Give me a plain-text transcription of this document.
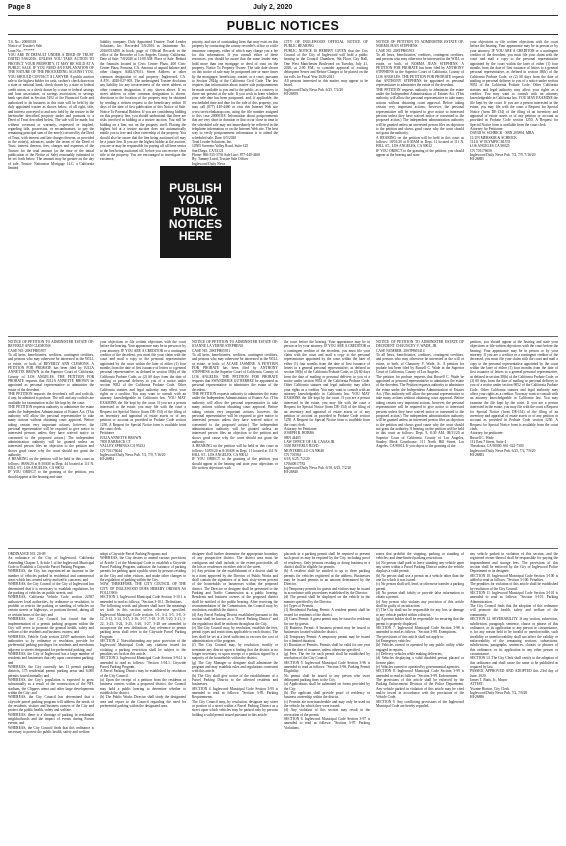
Page 8	July 2, 2020
PUBLIC NOTICES
T.S. No.: 20000318
Notice of Trustee's Sale
Loan No.: ******
YOU ARE IN DEFAULT UNDER A DEED OF TRUST DATED 5/06/2016. UNLESS YOU TAKE ACTION TO PROTECT YOUR PROPERTY, IT MAY BE SOLD AT A PUBLIC SALE. IF YOU NEED AN EXPLANATION OF THE NATURE OF THE PROCEEDING AGAINST YOU, YOU SHOULD CONTACT A LAWYER. A public auction sale to the highest bidder for cash, cashier's check drawn on a state or national bank, check drawn by a state or federal credit union, or a check drawn by a state or federal savings and loan association, or savings association, or savings bank specified in Section 5102 of the Financial Code and authorized to do business in this state will be held by the duly appointed trustee as shown below, of all right, title, and interest conveyed to and now held by the trustee in the hereinafter described property under and pursuant to a Deed of Trust described below. The sale will be made, but without covenant or warranty, expressed or implied, regarding title, possession, or encumbrances, to pay the remaining principal sum of the note(s) secured by the Deed of Trust, with interest and late charges thereon, as provided in the note(s), advances, under the terms of the Deed of Trust, interest thereon, fees, charges and expenses of the Trustee for the total amount (at the time of the initial publication of the Notice of Sale) reasonably estimated to be set forth below. The amount may be greater on the day of sale. Trustor: Nationstar Mortgage LLC, a California limited
liability company. Duly Appointed Trustee: Total Lender Solutions, Inc. Recorded 5/6/2016 as Instrument No. 20160513488 in book, page of Official Records in the office of the Recorder of Los Angeles County, California. Date of Sale: 7/8/2020 at 11:00 AM. Place of Sale: Behind the fountain located in Civic Center Plaza, 400 Civic Center Plaza, Pomona, CA. Amount of unpaid balance and other charges: $482,678.61. Street Address or other common designation of real property: Inglewood, CA. A.P.N.: 4028-027-003. The undersigned Trustee disclaims any liability for any incorrectness of the street address or other common designation, if any, shown above. If no street address or other common designation is shown, directions to the location of the property may be obtained by sending a written request to the beneficiary within 10 days of the date of first publication of this Notice of Sale. Notice To Potential Bidders: If you are considering bidding on this property lien, you should understand that there are risks involved in bidding at a trustee auction. You will be bidding on a lien, not on the property itself. Placing the highest bid at a trustee auction does not automatically entitle you to free and clear ownership of the property. You should also be aware that the lien being auctioned off may be a junior lien. If you are the highest bidder at the auction, you are or may be responsible for paying off all liens senior to the lien being auctioned off, before you can receive clear title to the property. You are encouraged to investigate the existence,
priority, and size of outstanding liens that may exist on this property by contacting the county recorder's office or a title insurance company, either of which may charge you a fee for this information. If you consult either of these resources, you should be aware that the same lender may hold more than one mortgage or deed of trust on the property. Notice To Property Owner: The sale date shown on this notice of sale may be postponed one or more times by the mortgagee, beneficiary, trustee, or a court, pursuant to Section 2924g of the California Civil Code. The law requires that information about trustee sale postponements be made available to you and to the public, as a courtesy to those not present at the sale. If you wish to learn whether your sale date has been postponed, and, if applicable, the rescheduled time and date for the sale of this property, you may call (877) 440-4460 or visit this Internet Web site www.servicelinkasap.com, using the file number assigned to this case 20000318. Information about postponements that are very short in duration or that occur close in time to the scheduled sale may not immediately be reflected in the telephone information or on the Internet Web site. The best way to verify postponement information is to attend the scheduled sale. Date: 6/5/2020
Total Lender Solutions, Inc.
10505 Sorrento Valley Road, Suite 125
San Diego, CA 92121
Phone: 866-535-3736 Sale Line: 877-440-4460
By: Tammy Laird, Trustee Sale Officer
Inglewood Daily News

CITY OF INGLEWOOD OFFICIAL NOTICE OF PUBLIC HEARING
PUBLIC NOTICE IS HEREBY GIVEN that the City Council of the City of Inglewood will hold a public hearing in the Council Chambers, 9th Floor, City Hall, One West Manchester Boulevard on Tuesday, July 21, 2020, at 2:00 P.M., to consider approval of existing delinquent Sewer and Refuse Charges to be placed on the tax rolls for Fiscal Year 2020-2021.
All persons interested in this matter, may appear to be heard.
Inglewood Daily News Pub. 6/25, 7/2/20
HI-26859
PUBLISH
YOUR
PUBLIC
NOTICES
HERE
NOTICE OF PETITION TO ADMINISTER ESTATE OF: NORMA JEAN STEPHENS
CASE NO. 20STPB05913
To all heirs, beneficiaries, creditors, contingent creditors, and persons who may otherwise be interested in the WILL or estate, or both, of NORMA JEAN STEPHENS. A PETITION FOR PROBATE has been filed by ANTHONY STEPHENS in the Superior Court of California, County of LOS ANGELES. THE PETITION FOR PROBATE requests that ANTHONY STEPHENS be appointed as personal representative to administer the estate of the decedent.
THE PETITION requests authority to administer the estate under the Independent Administration of Estates Act. (This authority will allow the personal representative to take many actions without obtaining court approval. Before taking certain very important actions, however, the personal representative will be required to give notice to interested persons unless they have waived notice or consented to the proposed action.) The independent administration authority will be granted unless an interested person files an objection to the petition and shows good cause why the court should not grant the authority.
A HEARING on the petition will be held in this court as follows: 10/01/20 at 8:30AM in Dept. 11 located at 111 N. HILL ST., LOS ANGELES, CA 90012
IF YOU OBJECT to the granting of the petition, you should appear at the hearing and state
your objections or file written objections with the court before the hearing. Your appearance may be in person or by your attorney. IF YOU ARE A CREDITOR or a contingent creditor of the decedent, you must file your claim with the court and mail a copy to the personal representative appointed by the court within the later of either (1) four months from the date of first issuance of letters to a general personal representative, as defined in section 58(b) of the California Probate Code, or (2) 60 days from the date of mailing or personal delivery to you of a notice under section 9052 of the California Probate Code. Other California statutes and legal authority may affect your rights as a creditor. You may want to consult with an attorney knowledgeable in California law. YOU MAY EXAMINE the file kept by the court. If you are a person interested in the estate, you may file with the court a Request for Special Notice (form DE-154) of the filing of an inventory and appraisal of estate assets or of any petition or account as provided in Probate Code section 1250. A Request for Special Notice form is available from the court clerk.
Attorney for Petitioner
DAVID W. SCHRICK - SBN 205894, MBA
CLUN MERSKIR & SCHRICK
11411 W OLYMPIC BLVD
LOS ANGELES CA 90025
CN 701176650
Inglewood Daily News Pub. 7/2, 7/9, 7/16/20
HI-26885
NOTICE OF PETITION TO ADMINISTER ESTATE OF: BEVERLY ANN CLEMONS
CASE NO. 20STPB05937
To all heirs, beneficiaries, creditors, contingent creditors, and persons who may otherwise be interested in the WILL or estate, or both, of BEVERLY ANN CLEMONS. A PETITION FOR PROBATE has been filed by JULIA ANNETTE BROWN in the Superior Court of California, County of LOS ANGELES. THE PETITION FOR PROBATE requests that JULIA ANNETTE BROWN be appointed as personal representative to administer the estate of the decedent.
THE PETITION requests the decedent's will and codicils, if any, be admitted to probate. The will and any codicils are available for examination in the file kept by the court.
THE PETITION requests authority to administer the estate under the Independent Administration of Estates Act. (This authority will allow the personal representative to take many actions without obtaining court approval. Before taking certain very important actions, however, the personal representative will be required to give notice to interested persons unless they have waived notice or consented to the proposed action.) The independent administration authority will be granted unless an interested person files an objection to the petition and shows good cause why the court should not grant the authority.
A HEARING on the petition will be held in this court as follows: 08/06/20 at 8:30AM in Dept. 44 located at 111 N. HILL ST., LOS ANGELES, CA 90012
IF YOU OBJECT to the granting of the petition, you should appear at the hearing and state
your objections or file written objections with the court before the hearing. Your appearance may be in person or by your attorney. IF YOU ARE A CREDITOR or a contingent creditor of the decedent, you must file your claim with the court and mail a copy to the personal representative appointed by the court within the later of either (1) four months from the date of first issuance of letters to a general personal representative, as defined in section 58(b) of the California Probate Code, or (2) 60 days from the date of mailing or personal delivery to you of a notice under section 9052 of the California Probate Code. Other California statutes and legal authority may affect your rights as a creditor. You may want to consult with an attorney knowledgeable in California law. YOU MAY EXAMINE the file kept by the court. If you are a person interested in the estate, you may file with the court a Request for Special Notice (form DE-154) of the filing of an inventory and appraisal of estate assets or of any petition or account as provided in Probate Code section 1250. A Request for Special Notice form is available from the court clerk.
Petitioner
JULIA ANNETTE BROWN
7805 BARRACK CT
VALLEY SPRINGS CA 95252
CN 701176644
Inglewood Daily News Pub. 7/2, 7/9, 7/16/20
HI-26884
NOTICE OF PETITION TO ADMINISTER ESTATE OF: JOANNE LA VERNE STEPHENS
CASE NO. 20STPB05911
To all heirs, beneficiaries, creditors, contingent creditors, and persons who may otherwise be interested in the WILL or estate, or both, of ACASE JASMINE. A PETITION FOR PROBATE has been filed by ANTHONY STEPHENS in the Superior Court of California, County of LOS ANGELES. THE PETITION FOR PROBATE requests that SWANDRIGE GUTIERREZ be appointed as personal representative to administer the estate of the decedent.
THE PETITION requests authority to administer the estate under the Independent Administration of Estates Act. (This authority will allow the personal representative to take many actions without obtaining court approval. Before taking certain very important actions, however, the personal representative will be required to give notice to interested persons unless they have waived notice or consented to the proposed action.) The independent administration authority will be granted unless an interested person files an objection to the petition and shows good cause why the court should not grant the authority.
A HEARING on the petition will be held in this court as follows: 10/05/20 at 8:30AM in Dept. 11 located at 111 N. HILL ST., LOS ANGELES, CA 90012
IF YOU OBJECT to the granting of the petition, you should appear at the hearing and state your objections or file written objections with
the court before the hearing. Your appearance may be in person or by your attorney. IF YOU ARE A CREDITOR or a contingent creditor of the decedent, you must file your claim with the court and mail a copy to the personal representative appointed by the court within the later of either (1) four months from the date of first issuance of letters to a general personal representative, as defined in section 58(b) of the California Probate Code, or (2) 60 days from the date of mailing or personal delivery to you of a notice under section 9052 of the California Probate Code. Other California statutes and legal authority may affect your rights as a creditor. You may want to consult with an attorney knowledgeable in California law. YOU MAY EXAMINE the file kept by the court. If you are a person interested in the estate, you may file with the court a Request for Special Notice (form DE-154) of the filing of an inventory and appraisal of estate assets or of any petition or account as provided in Probate Code section 1250. A Request for Special Notice form is available from the court clerk.
Attorney for Petitioner
JOSEPH R. HOBBS
SBN 44405
LAW OFFICE OF J.R. CASAS JR.
5350 BEVERLY BLVD.
MONTEBELLO CA 90640
CN 701584
6/18, 6/25, 7/2/20
CN640017782
Inglewood Daily News Pub. 6/18, 6/25, 7/2/20
HI-26840
NOTICE OF PETITION TO ADMINISTER ESTATE OF DECEDENT CHAUNCEY V. WADE, JR.
CASE NUMBER: 20STPB05414
To all heirs, beneficiaries, creditors, contingent creditors, and persons who may otherwise be interested in the will or estate, or both, of Chauncey V. Wade, Jr.. A petition for probate has been filed by Russell C. Wade in the Superior Court of California, County of Los Angeles.
The petition for probate requests that Russell C. Wade be appointed as personal representative to administer the estate of the decedent. The Petition requests authority to administer the estate under the Independent Administration of Estates Act. (This authority will allow the personal representative to take many actions without obtaining court approval. Before taking certain very important actions, however, the personal representative will be required to give notice to interested persons unless they have waived notice or consented to the proposed action.) The independent administration authority will be granted unless an interested person files an objection to the petition and shows good cause why the court should not grant the authority. A hearing on the petition will be held in this court as follows: Dept. 9, 8:30 AM, 08/31/20 at Superior Court of California, County of Los Angeles, Stanley Mosk Courthouse, 111 North Hill Street, Los Angeles, CA 90012. If you object to the granting of the
petition, you should appear at the hearing and state your objections or file written objections with the court before the hearing. Your appearance may be in person or by your attorney. If you are a creditor or a contingent creditor of the deceased, you must file your claim with the court and mail a copy to the personal representative appointed by the court within the later of either (1) four months from the date of first issuance of letters to a general personal representative, as defined in section 58(b) of the California Probate Code, or (2) 60 days from the date of mailing or personal delivery to you of a notice under section 9052 of the California Probate Code. Other California statutes and legal authority may affect your rights as a creditor. You may want to consult with an attorney knowledgeable in California law. You may examine the file kept by the court. If you are a person interested in the estate, you may file with the court a Request for Special Notice (form DE-154) of the filing of an inventory and appraisal of estate assets or of any petition or account as provided in Probate Code section 1250. A Request for Special Notice form is available from the court clerk.
Attorney for petitioner:
Russell C. Wade
112 East 7 Street, Suite 4
Theodosia, CA 90000. 661-522-7300
Inglewood Daily News Pub. 6/25, 7/2, 7/9/20
HI-26883
ORDINANCE NO. 20-09
An ordinance of the City of Inglewood, California Amending Chapter 3, Article 1 of the Inglewood Municipal Code to Establish a Citywide Parcel Parking Program.
WHEREAS, the City has experienced an increase in the number of vehicles parked in residential and commercial areas which has created safety and traffic concerns; and
WHEREAS, the City Council of the City of Inglewood has determined that it is necessary to establish regulations for the parking of vehicles on public streets; and
WHEREAS, California Vehicle Code section 22507 authorizes local authorities, by ordinance or resolution, to prohibit or restrict the parking or standing of vehicles on certain streets or highways, or portions thereof, during all or certain hours of the day; and
WHEREAS, the City Council has found that the implementation of a permit parking program within the City will serve to promote the general health, safety and welfare of the residents and business owners; and
WHEREAS, Vehicle Code section 22507 authorizes local authorities to by ordinance or resolution, provide for preferential parking privileges for residents and merchants adjacent to streets designated for preferential parking; and
WHEREAS, the City of Inglewood has a large number of residents and businesses that rely upon convenient parking; and
WHEREAS, the City currently has 11 permit parking districts, 175 residential permit parking areas and 6,000 permits issued annually; and
WHEREAS, the City's population is expected to grow substantially as a result of the construction of the NFL stadium, the Clippers arena and other large developments within the City; and
WHEREAS, the City Council has determined that a citywide parcel parking program will address the needs of the residents, visitors and business owners of the City and protect the public health, safety and welfare.
WHEREAS, there is a shortage of parking in residential neighborhoods and the impact of events during Forum events; and
WHEREAS, the City Council finds that this ordinance is necessary to protect the public health, safety and welfare.
adopt a Citywide Parcel Parking Program; and
WHEREAS, the City desires to amend various provisions of Article 1 of the Municipal Code to establish a Citywide Parcel Parking Program, authorize the issuance of parking permits for parking upon a public street by persons residing in the City and other visitors, and make other changes to the regulation of parking within the City.
NOW, THEREFORE, THE CITY COUNCIL OF THE CITY OF INGLEWOOD DOES HEREBY ORDAIN AS FOLLOWS:
SECTION 1. Inglewood Municipal Code Section 3-10.1 is amended to read as follows: "Section 3-10.1. Definitions.
The following words and phrases shall have the meanings set forth in this section unless otherwise specified. Inglewood Municipal Code sections 3-1, 3-4, 3-5, 3-8, 3-12, 3-13, 3-14, 3-15, 3-16, 3-17, 3-18, 3-19, 3-20, 3-21, 3-22, 3-23, 3-24, 3-25, 3-26, 3-27, 3-28 are amended to incorporate the new definitions. Any reference to permit parking areas shall refer to the Citywide Parcel Parking Program.
SECTION 2. Notwithstanding any prior provision of the Inglewood Municipal Code, any citations issued for violating a parking restriction shall be subject to the penalties set forth in this article.
SECTION 3. Inglewood Municipal Code Section 3-94.1 is amended to read as follows: "Section 3-94.1. Citywide Parcel Parking Program.
A Parcel Parking District may be established by resolution of the City Council.
(a) Upon the receipt of a petition from the residents or business owners within a proposed district, the Council may hold a public hearing to determine whether to establish the district.
(b) The Public Works Director shall study the designated area and report to the Council regarding the need for preferential parking within the designated area.
designee shall further determine the appropriate boundary of any prospective district. The district area must be contiguous and shall include, to the extent practicable, all the lots or residences on either side of the street.
(c) Any petition for the establishment of a district shall be in a form approved by the Director of Public Works and shall contain the signatures of at least sixty-seven percent of the households or businesses within the proposed district. The Director or designee shall be presented to the Parking and Traffic Commission at a public hearing. Residents and business owners of the proposed district shall be notified of the public hearing. After receiving the recommendation of the Commission, the Council may, by resolution, establish the district.
(d) Any Parcel Parking District established pursuant to this section shall be known as a "Parcel Parking District" and the regulations shall be uniform throughout the City.
(e) The City Council may, by resolution, establish the fees, permit types and restrictions applicable to each district. The fees shall be set at a level sufficient to recover the cost of administration of the program.
(f) The City Council may, by resolution, modify or terminate any district upon a finding that the district is no longer necessary, or upon receipt of a petition signed by a majority of the households within the district.
(g) The City Manager or designee shall administer the program and may establish rules and regulations consistent with this article.
(h) The City shall give notice of the establishment of a Parcel Parking District to the affected residents and businesses.
SECTION 4. Inglewood Municipal Code Section 3-95 is amended to read as follows: "Section 3-95. Parking Requirements.
The City Council may, by resolution, designate any street or portion of a street within a Parcel Parking District as a street upon which vehicles may be parked only by persons holding a valid permit issued pursuant to this article.
placards in a parking permit shall be required to present such proof as may be required by the City, including proof of residency. Only persons residing or doing business in a district shall be eligible for permits.
(b) A resident shall be entitled to up to three parking permits for vehicles registered at the address. Businesses may be issued permits in an amount determined by the Director.
(c) Temporary permits for guests and visitors may be issued in accordance with procedures established by the Director.
(d) The permit shall be displayed on the vehicle in the manner specified by the Director.
(e) Types of Permits.
(1) Residential Parking Permit: A resident permit shall be issued for residents of the district.
(2) Guest Permit: A guest permit may be issued to residents for use by guests.
(3) Business Permit: A business permit may be issued to businesses located within the district.
(4) Temporary Permit: A temporary permit may be issued for a limited duration.
(f) Duration of Permits. Permits shall be valid for one year from the date of issuance, unless otherwise specified.
(g) Fees. The fee for each permit shall be established by resolution of the City Council.
SECTION 5. Inglewood Municipal Code Section 3-96 is amended to read as follows: "Section 3-96. Parking Permit Eligibility.
No permit shall be issued to any person who owes delinquent parking fines to the City.
(a) Applications shall be submitted on forms provided by the City.
(b) The applicant shall provide proof of residency or business ownership within the district.
(c) Permits are non-transferable and may only be used on the vehicle for which they were issued.
(d) Any violation of this section may result in the revocation of the permit.
SECTION 6. Inglewood Municipal Code Section 3-97 is amended to read as follows: "Section 3-97. Parking Violations.
zones that prohibit the stopping, parking or standing of vehicles; and time-limited parking restrictions.
(a) No person shall park or leave standing any vehicle upon any street within a Parcel Parking District unless the vehicle displays a valid permit.
(b) No person shall use a permit on a vehicle other than the one for which it was issued.
(c) No person shall sell, lend, or otherwise transfer a parking permit.
(d) No person shall falsify or provide false information to obtain a permit.
(e) Any person who violates any provision of this article shall be guilty of an infraction.
(f) The City shall not be responsible for any loss or damage to any vehicle parked within a district.
(g) A permit holder shall be responsible for ensuring that the permit is properly displayed.
SECTION 7. Inglewood Municipal Code Section 3-98 is amended to read as follows: "Section 3-98. Exemptions.
The provisions of this article shall not apply to:
(a) Emergency vehicles;
(b) Vehicles owned or operated by any public utility while engaged in repairs;
(c) Delivery vehicles while making deliveries;
(d) Vehicles displaying a valid disabled person placard or license plate;
(e) Vehicles owned or operated by governmental agencies.
SECTION 8. Inglewood Municipal Code Section 3-99 is amended to read as follows: "Section 3-99. Enforcement.
The provisions of this article shall be enforced by the Parking Enforcement Division of the Police Department. Any vehicle parked in violation of this article may be cited and/or towed in accordance with the provisions of the Vehicle Code.
SECTION 9. Any conflicting provisions of the Inglewood Municipal Code are hereby repealed.
any vehicle parked in violation of this section, and the registered owner thereof shall be responsible for paying the impoundment and storage fees. The provisions of this section shall be enforced by the City of Inglewood Police Department or its designee.
SECTION 10. Inglewood Municipal Code Section 3-100 is added to read as follows: "Section 3-100. Penalties.
The penalties for violation of this article shall be established by resolution of the City Council.
SECTION 11. Inglewood Municipal Code Section 3-101 is amended to read as follows: "Section 3-101. Parking Administration.
The City Council finds that the adoption of this ordinance will promote the health, safety and welfare of the community.
SECTION 12. SEVERABILITY. If any section, subsection, subdivision, paragraph, sentence, clause or phrase of this ordinance, or its application to any person or circumstance, is for any reason held to be invalid or unenforceable, such invalidity or unenforceability shall not affect the validity or enforceability of the remaining sections, subsections, subdivisions, paragraphs, sentences, clauses or phrases of this ordinance, or its application to any other person or circumstance.
SECTION 13. The City Clerk shall certify to the adoption of this ordinance and shall cause the same to be published as required by law.
PASSED, APPROVED AND ADOPTED this 23rd day of June, 2020.
James T. Butts, Jr., Mayor
ATTEST:
Yvonne Horton, City Clerk
Inglewood Daily News Pub. 7/2, 7/9/20
HI-26886
